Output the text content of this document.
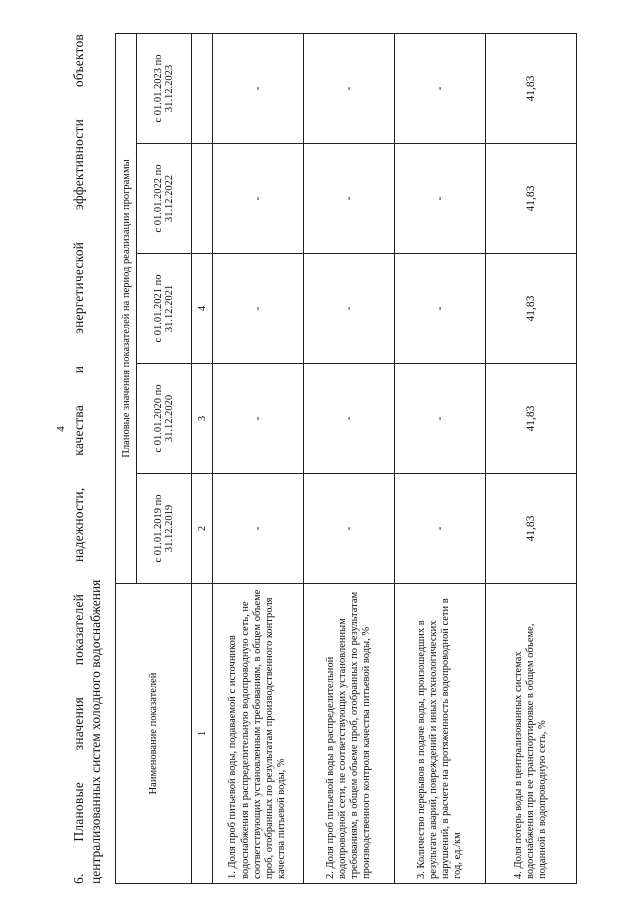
4 6. Плановые значения показателей надежности, качества и энергетической эффективности объектов централизованных систем холодного водоснабжения	Наименование показателей	Плановые значения показателей на период реализации программы				
	с 01.01.2019 по 31.12.2019	с 01.01.2020 по 31.12.2020	с 01.01.2021 по 31.12.2021	с 01.01.2022 по 31.12.2022	с 01.01.2023 по 31.12.2023
1	2	3	4		
1. Доля проб питьевой воды, подаваемой с источников водоснабжения в распределительную водопроводную сеть, не соответствующих установленным требованиям, в общем объеме проб, отобранных по результатам производственного контроля качества питьевой воды, %	-	-	-	-	-
2. Доля проб питьевой воды в распределительной водопроводной сети, не соответствующих установленным требованиям, в общем объеме проб, отобранных по результатам производственного контроля качества питьевой воды, %	-	-	-	-	-
3. Количество перерывов в подаче воды, произошедших в результате аварий, повреждений и иных технологических нарушений, в расчете на протяженность водопроводной сети в год, ед./км	-	-	-	-	-
4. Доля потерь воды в централизованных системах водоснабжения при ее транспортировке в общем объеме, поданной в водопроводную сеть, %	41,83	41,83	41,83	41,83	41,83
